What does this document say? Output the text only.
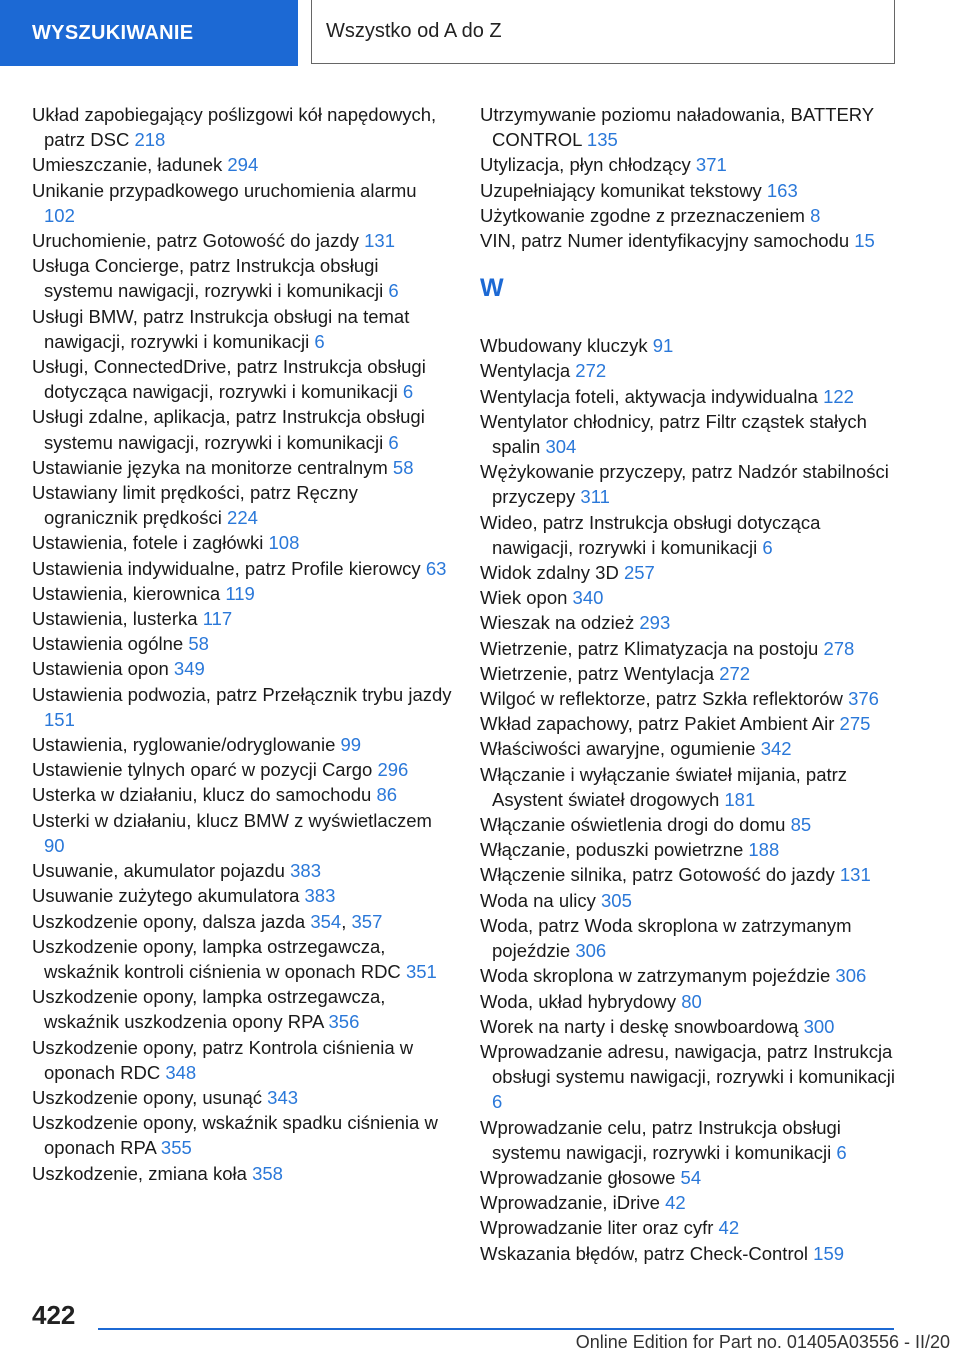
WYSZUKIWANIE	Wszystko od A do Z
Układ zapobiegający poślizgowi kół napędowych, patrz DSC 218
Umieszczanie, ładunek 294
Unikanie przypadkowego uruchomienia alarmu 102
Uruchomienie, patrz Gotowość do jazdy 131
Usługa Concierge, patrz Instrukcja obsługi systemu nawigacji, rozrywki i komunikacji 6
Usługi BMW, patrz Instrukcja obsługi na temat nawigacji, rozrywki i komunikacji 6
Usługi, ConnectedDrive, patrz Instrukcja obsługi dotycząca nawigacji, rozrywki i komunikacji 6
Usługi zdalne, aplikacja, patrz Instrukcja obsługi systemu nawigacji, rozrywki i komunikacji 6
Ustawianie języka na monitorze centralnym 58
Ustawiany limit prędkości, patrz Ręczny ogranicznik prędkości 224
Ustawienia, fotele i zagłówki 108
Ustawienia indywidualne, patrz Profile kierowcy 63
Ustawienia, kierownica 119
Ustawienia, lusterka 117
Ustawienia ogólne 58
Ustawienia opon 349
Ustawienia podwozia, patrz Przełącznik trybu jazdy 151
Ustawienia, ryglowanie/odryglowanie 99
Ustawienie tylnych oparć w pozycji Cargo 296
Usterka w działaniu, klucz do samochodu 86
Usterki w działaniu, klucz BMW z wyświetlaczem 90
Usuwanie, akumulator pojazdu 383
Usuwanie zużytego akumulatora 383
Uszkodzenie opony, dalsza jazda 354, 357
Uszkodzenie opony, lampka ostrzegawcza, wskaźnik kontroli ciśnienia w oponach RDC 351
Uszkodzenie opony, lampka ostrzegawcza, wskaźnik uszkodzenia opony RPA 356
Uszkodzenie opony, patrz Kontrola ciśnienia w oponach RDC 348
Uszkodzenie opony, usunąć 343
Uszkodzenie opony, wskaźnik spadku ciśnienia w oponach RPA 355
Uszkodzenie, zmiana koła 358
Utrzymywanie poziomu naładowania, BATTERY CONTROL 135
Utylizacja, płyn chłodzący 371
Uzupełniający komunikat tekstowy 163
Użytkowanie zgodne z przeznaczeniem 8
VIN, patrz Numer identyfikacyjny samochodu 15
W
Wbudowany kluczyk 91
Wentylacja 272
Wentylacja foteli, aktywacja indywidualna 122
Wentylator chłodnicy, patrz Filtr cząstek stałych spalin 304
Wężykowanie przyczepy, patrz Nadzór stabilności przyczepy 311
Wideo, patrz Instrukcja obsługi dotycząca nawigacji, rozrywki i komunikacji 6
Widok zdalny 3D 257
Wiek opon 340
Wieszak na odzież 293
Wietrzenie, patrz Klimatyzacja na postoju 278
Wietrzenie, patrz Wentylacja 272
Wilgoć w reflektorze, patrz Szkła reflektorów 376
Wkład zapachowy, patrz Pakiet Ambient Air 275
Właściwości awaryjne, ogumienie 342
Włączanie i wyłączanie świateł mijania, patrz Asystent świateł drogowych 181
Włączanie oświetlenia drogi do domu 85
Włączanie, poduszki powietrzne 188
Włączenie silnika, patrz Gotowość do jazdy 131
Woda na ulicy 305
Woda, patrz Woda skroplona w zatrzymanym pojeździe 306
Woda skroplona w zatrzymanym pojeździe 306
Woda, układ hybrydowy 80
Worek na narty i deskę snowboardową 300
Wprowadzanie adresu, nawigacja, patrz Instrukcja obsługi systemu nawigacji, rozrywki i komunikacji 6
Wprowadzanie celu, patrz Instrukcja obsługi systemu nawigacji, rozrywki i komunikacji 6
Wprowadzanie głosowe 54
Wprowadzanie, iDrive 42
Wprowadzanie liter oraz cyfr 42
Wskazania błędów, patrz Check-Control 159
422
Online Edition for Part no. 01405A03556 - II/20
